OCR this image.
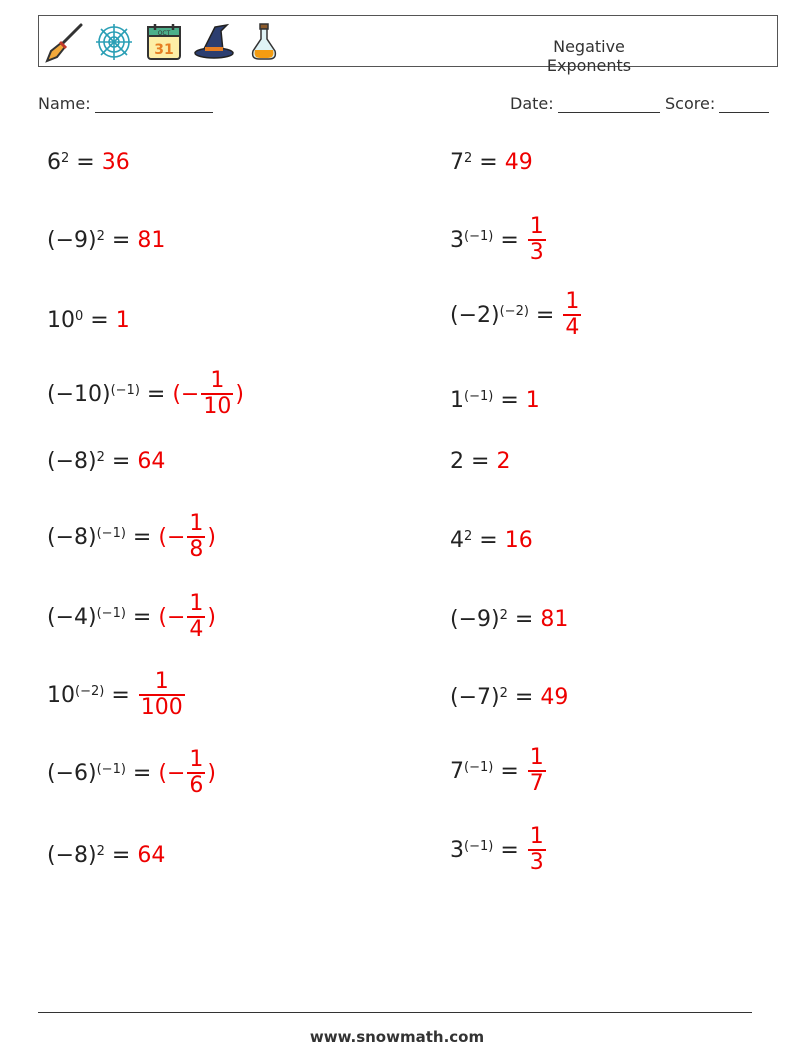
OCT
31	Negative Exponents
Name:	Date:	Score:
$6^2 = 36$
$(-9)^2 = 81$
$10^0 = 1$
$(-10)^{(-1)}$ = (− $\frac{1}{10}$ )
$(-8)^2 = 64$
$(-8)^{(-1)}$ = (− $\frac{1}{8}$ )
$(-4)^{(-1)}$ = (− $\frac{1}{4}$ )
$10^{(-2)} = \frac{1}{100}$
$(-6)^{(-1)}$ = (− $\frac{1}{6}$ )
$(-8)^2 = 64$
$7^2 = 49$
$3^{(-1)} = \frac{1}{3}$
$(-2)^{(-2)} = \frac{1}{4}$
$1^{(-1)} = 1$
2 = 2
$4^2 = 16$
$(-9)^2 = 81$
$(-7)^2 = 49$
$7^{(-1)} = \frac{1}{7}$
$3^{(-1)} = \frac{1}{3}$
www.snowmath.com
